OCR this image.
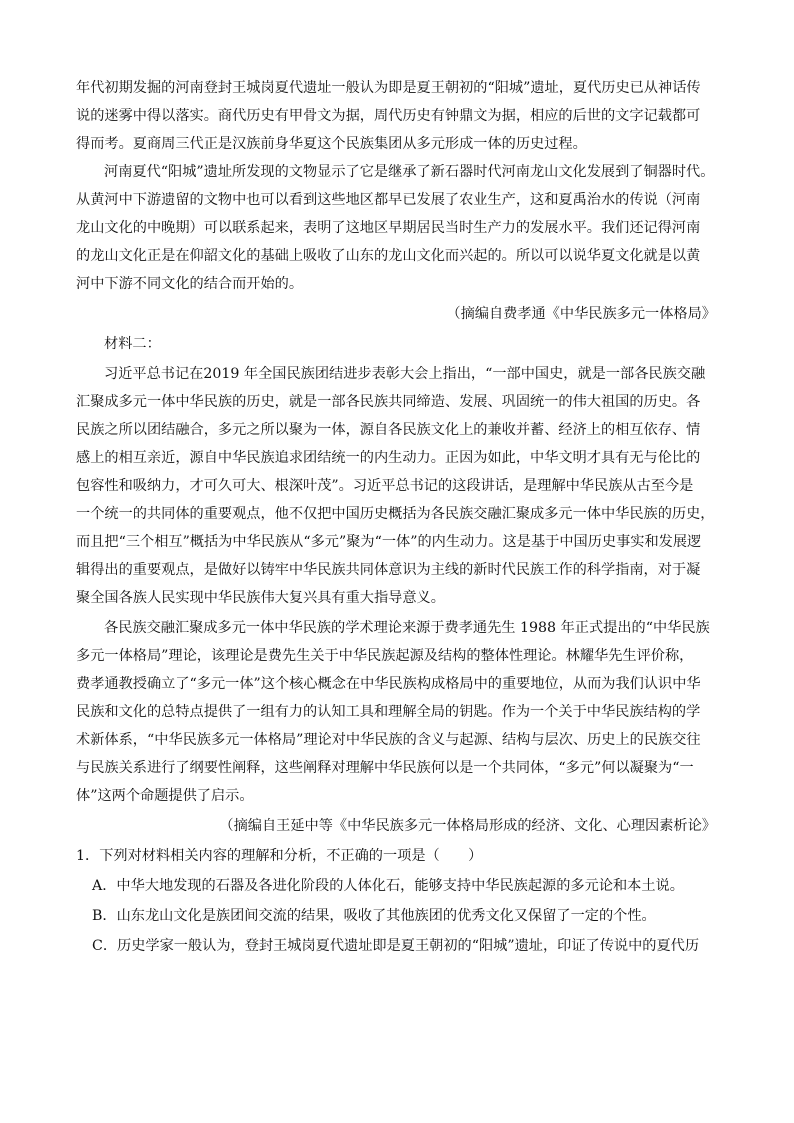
年代初期发掘的河南登封王城岗夏代遗址一般认为即是夏王朝初的“阳城”遗址，夏代历史已从神话传
说的迷雾中得以落实。商代历史有甲骨文为据，周代历史有钟鼎文为据，相应的后世的文字记载都可
得而考。夏商周三代正是汉族前身华夏这个民族集团从多元形成一体的历史过程。
河南夏代“阳城”遗址所发现的文物显示了它是继承了新石器时代河南龙山文化发展到了铜器时代。
从黄河中下游遗留的文物中也可以看到这些地区都早已发展了农业生产，这和夏禹治水的传说（河南
龙山文化的中晚期）可以联系起来，表明了这地区早期居民当时生产力的发展水平。我们还记得河南
的龙山文化正是在仰韶文化的基础上吸收了山东的龙山文化而兴起的。所以可以说华夏文化就是以黄
河中下游不同文化的结合而开始的。
（摘编自费孝通《中华民族多元一体格局》
材料二：
习近平总书记在2019 年全国民族团结进步表彰大会上指出，“一部中国史，就是一部各民族交融
汇聚成多元一体中华民族的历史，就是一部各民族共同缔造、发展、巩固统一的伟大祖国的历史。各
民族之所以团结融合，多元之所以聚为一体，源自各民族文化上的兼收并蓄、经济上的相互依存、情
感上的相互亲近，源自中华民族追求团结统一的内生动力。正因为如此，中华文明才具有无与伦比的
包容性和吸纳力，才可久可大、根深叶茂”。习近平总书记的这段讲话，是理解中华民族从古至今是
一个统一的共同体的重要观点，他不仅把中国历史概括为各民族交融汇聚成多元一体中华民族的历史，
而且把“三个相互”概括为中华民族从“多元”聚为“一体”的内生动力。这是基于中国历史事实和发展逻
辑得出的重要观点，是做好以铸牢中华民族共同体意识为主线的新时代民族工作的科学指南，对于凝
聚全国各族人民实现中华民族伟大复兴具有重大指导意义。
各民族交融汇聚成多元一体中华民族的学术理论来源于费孝通先生 1988 年正式提出的“中华民族
多元一体格局”理论，该理论是费先生关于中华民族起源及结构的整体性理论。林耀华先生评价称，
费孝通教授确立了“多元一体”这个核心概念在中华民族构成格局中的重要地位，从而为我们认识中华
民族和文化的总特点提供了一组有力的认知工具和理解全局的钥匙。作为一个关于中华民族结构的学
术新体系，“中华民族多元一体格局”理论对中华民族的含义与起源、结构与层次、历史上的民族交往
与民族关系进行了纲要性阐释，这些阐释对理解中华民族何以是一个共同体，“多元”何以凝聚为“一
体”这两个命题提供了启示。
（摘编自王延中等《中华民族多元一体格局形成的经济、文化、心理因素析论》
1．下列对材料相关内容的理解和分析，不正确的一项是（　　）
A．中华大地发现的石器及各进化阶段的人体化石，能够支持中华民族起源的多元论和本土说。
B．山东龙山文化是族团间交流的结果，吸收了其他族团的优秀文化又保留了一定的个性。
C．历史学家一般认为，登封王城岗夏代遗址即是夏王朝初的“阳城”遗址，印证了传说中的夏代历
